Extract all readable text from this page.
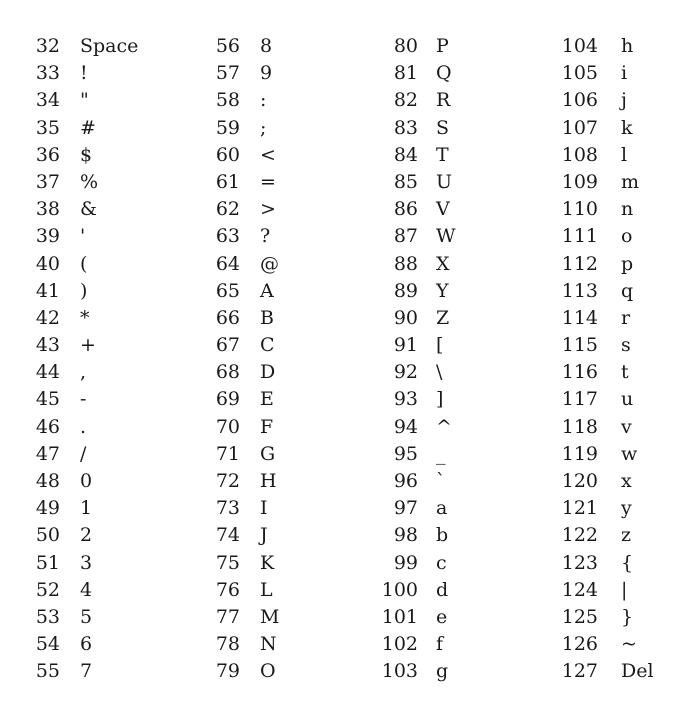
32 Space
33 !
34 "
35 #
36 $
37 %
38 &
39 '
40 (
41 )
42 *
43 +
44 ,
45 -
46 .
47 /
48 0
49 1
50 2
51 3
52 4
53 5
54 6
55 7
56 8
57 9
58 :
59 ;
60 <
61 =
62 >
63 ?
64 @
65 A
66 B
67 C
68 D
69 E
70 F
71 G
72 H
73 I
74 J
75 K
76 L
77 M
78 N
79 O
80 P
81 Q
82 R
83 S
84 T
85 U
86 V
87 W
88 X
89 Y
90 Z
91 [
92 \
93 ]
94 ^
95 _
96 `
97 a
98 b
99 c
100 d
101 e
102 f
103 g
104 h
105 i
106 j
107 k
108 l
109 m
110 n
111 o
112 p
113 q
114 r
115 s
116 t
117 u
118 v
119 w
120 x
121 y
122 z
123 {
124 |
125 }
126 ~
127 Del
